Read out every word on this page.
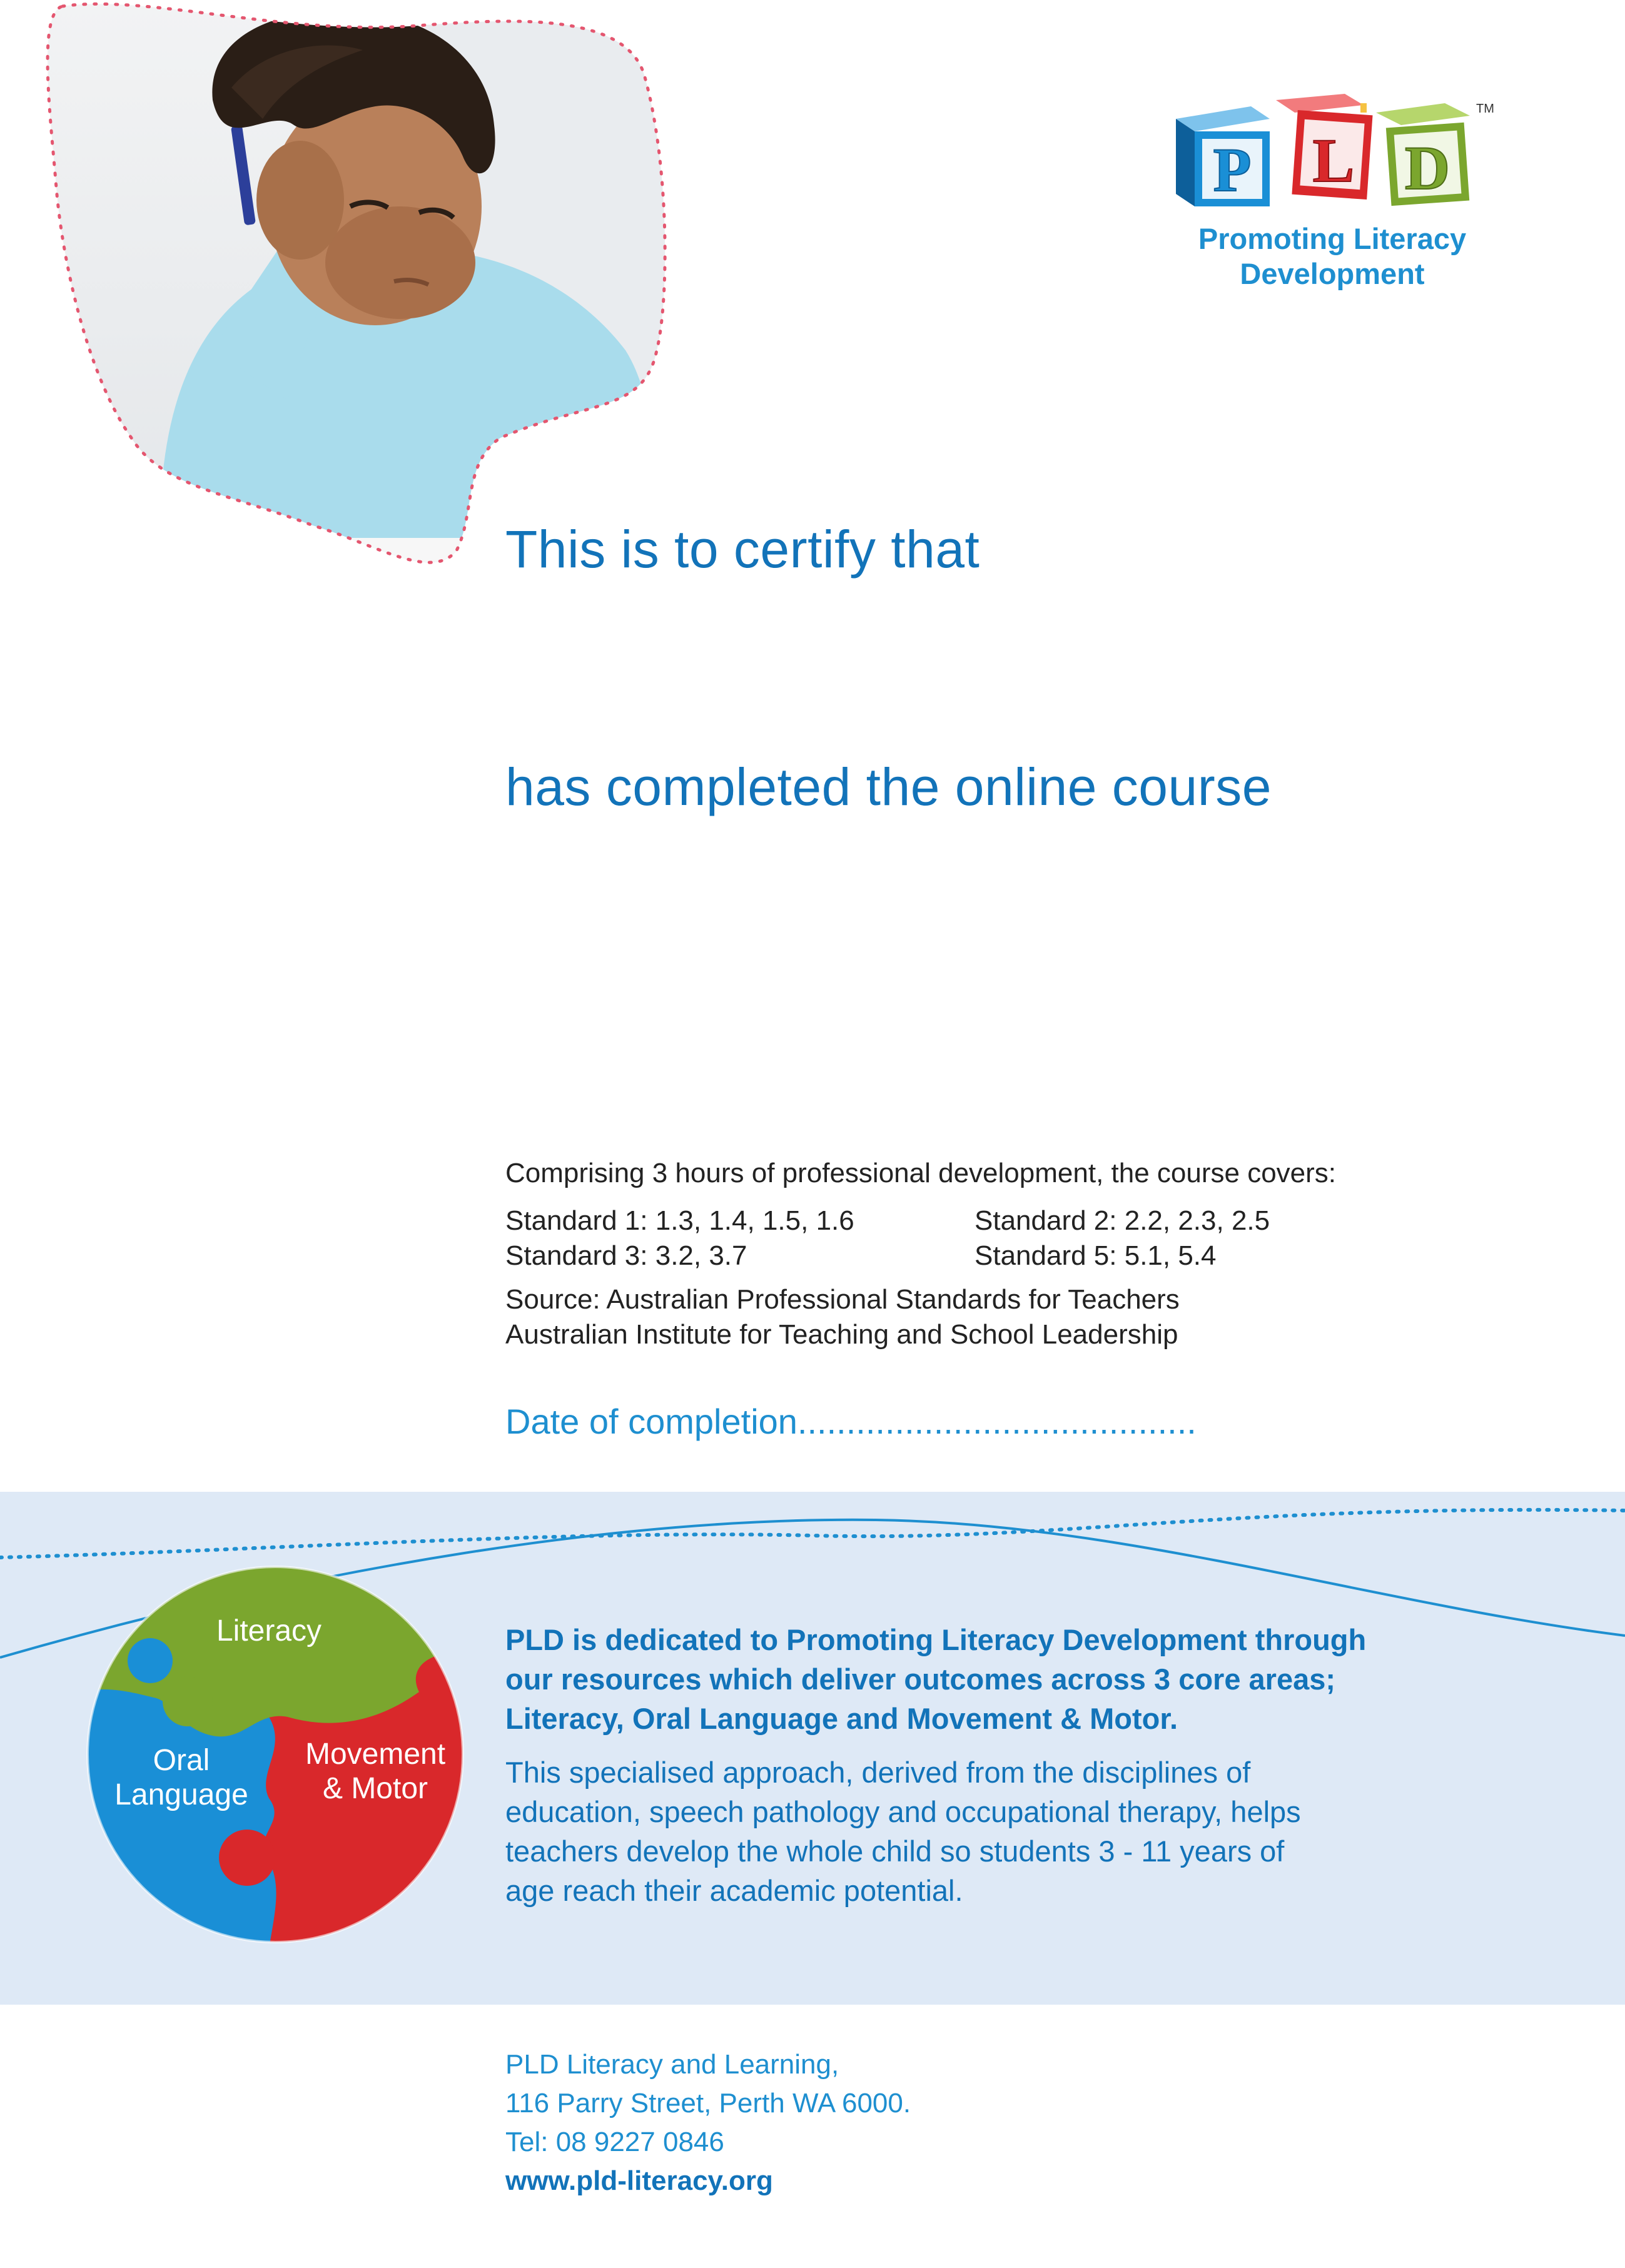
P L D
TM
Promoting Literacy
Development
This is to certify that
has completed the online course
Comprising 3 hours of professional development, the course covers:
Standard 1: 1.3, 1.4, 1.5, 1.6	Standard 2: 2.2, 2.3, 2.5
Standard 3: 3.2, 3.7	Standard 5: 5.1, 5.4
Source: Australian Professional Standards for Teachers
Australian Institute for Teaching and School Leadership
Date of completion.........................................
Literacy
Oral
Language
Movement
& Motor
PLD is dedicated to Promoting Literacy Development through
our resources which deliver outcomes across 3 core areas;
Literacy, Oral Language and Movement & Motor.
This specialised approach, derived from the disciplines of
education, speech pathology and occupational therapy, helps
teachers develop the whole child so students 3 - 11 years of
age reach their academic potential.
PLD Literacy and Learning,
116 Parry Street, Perth WA 6000.
Tel: 08 9227 0846
www.pld-literacy.org
